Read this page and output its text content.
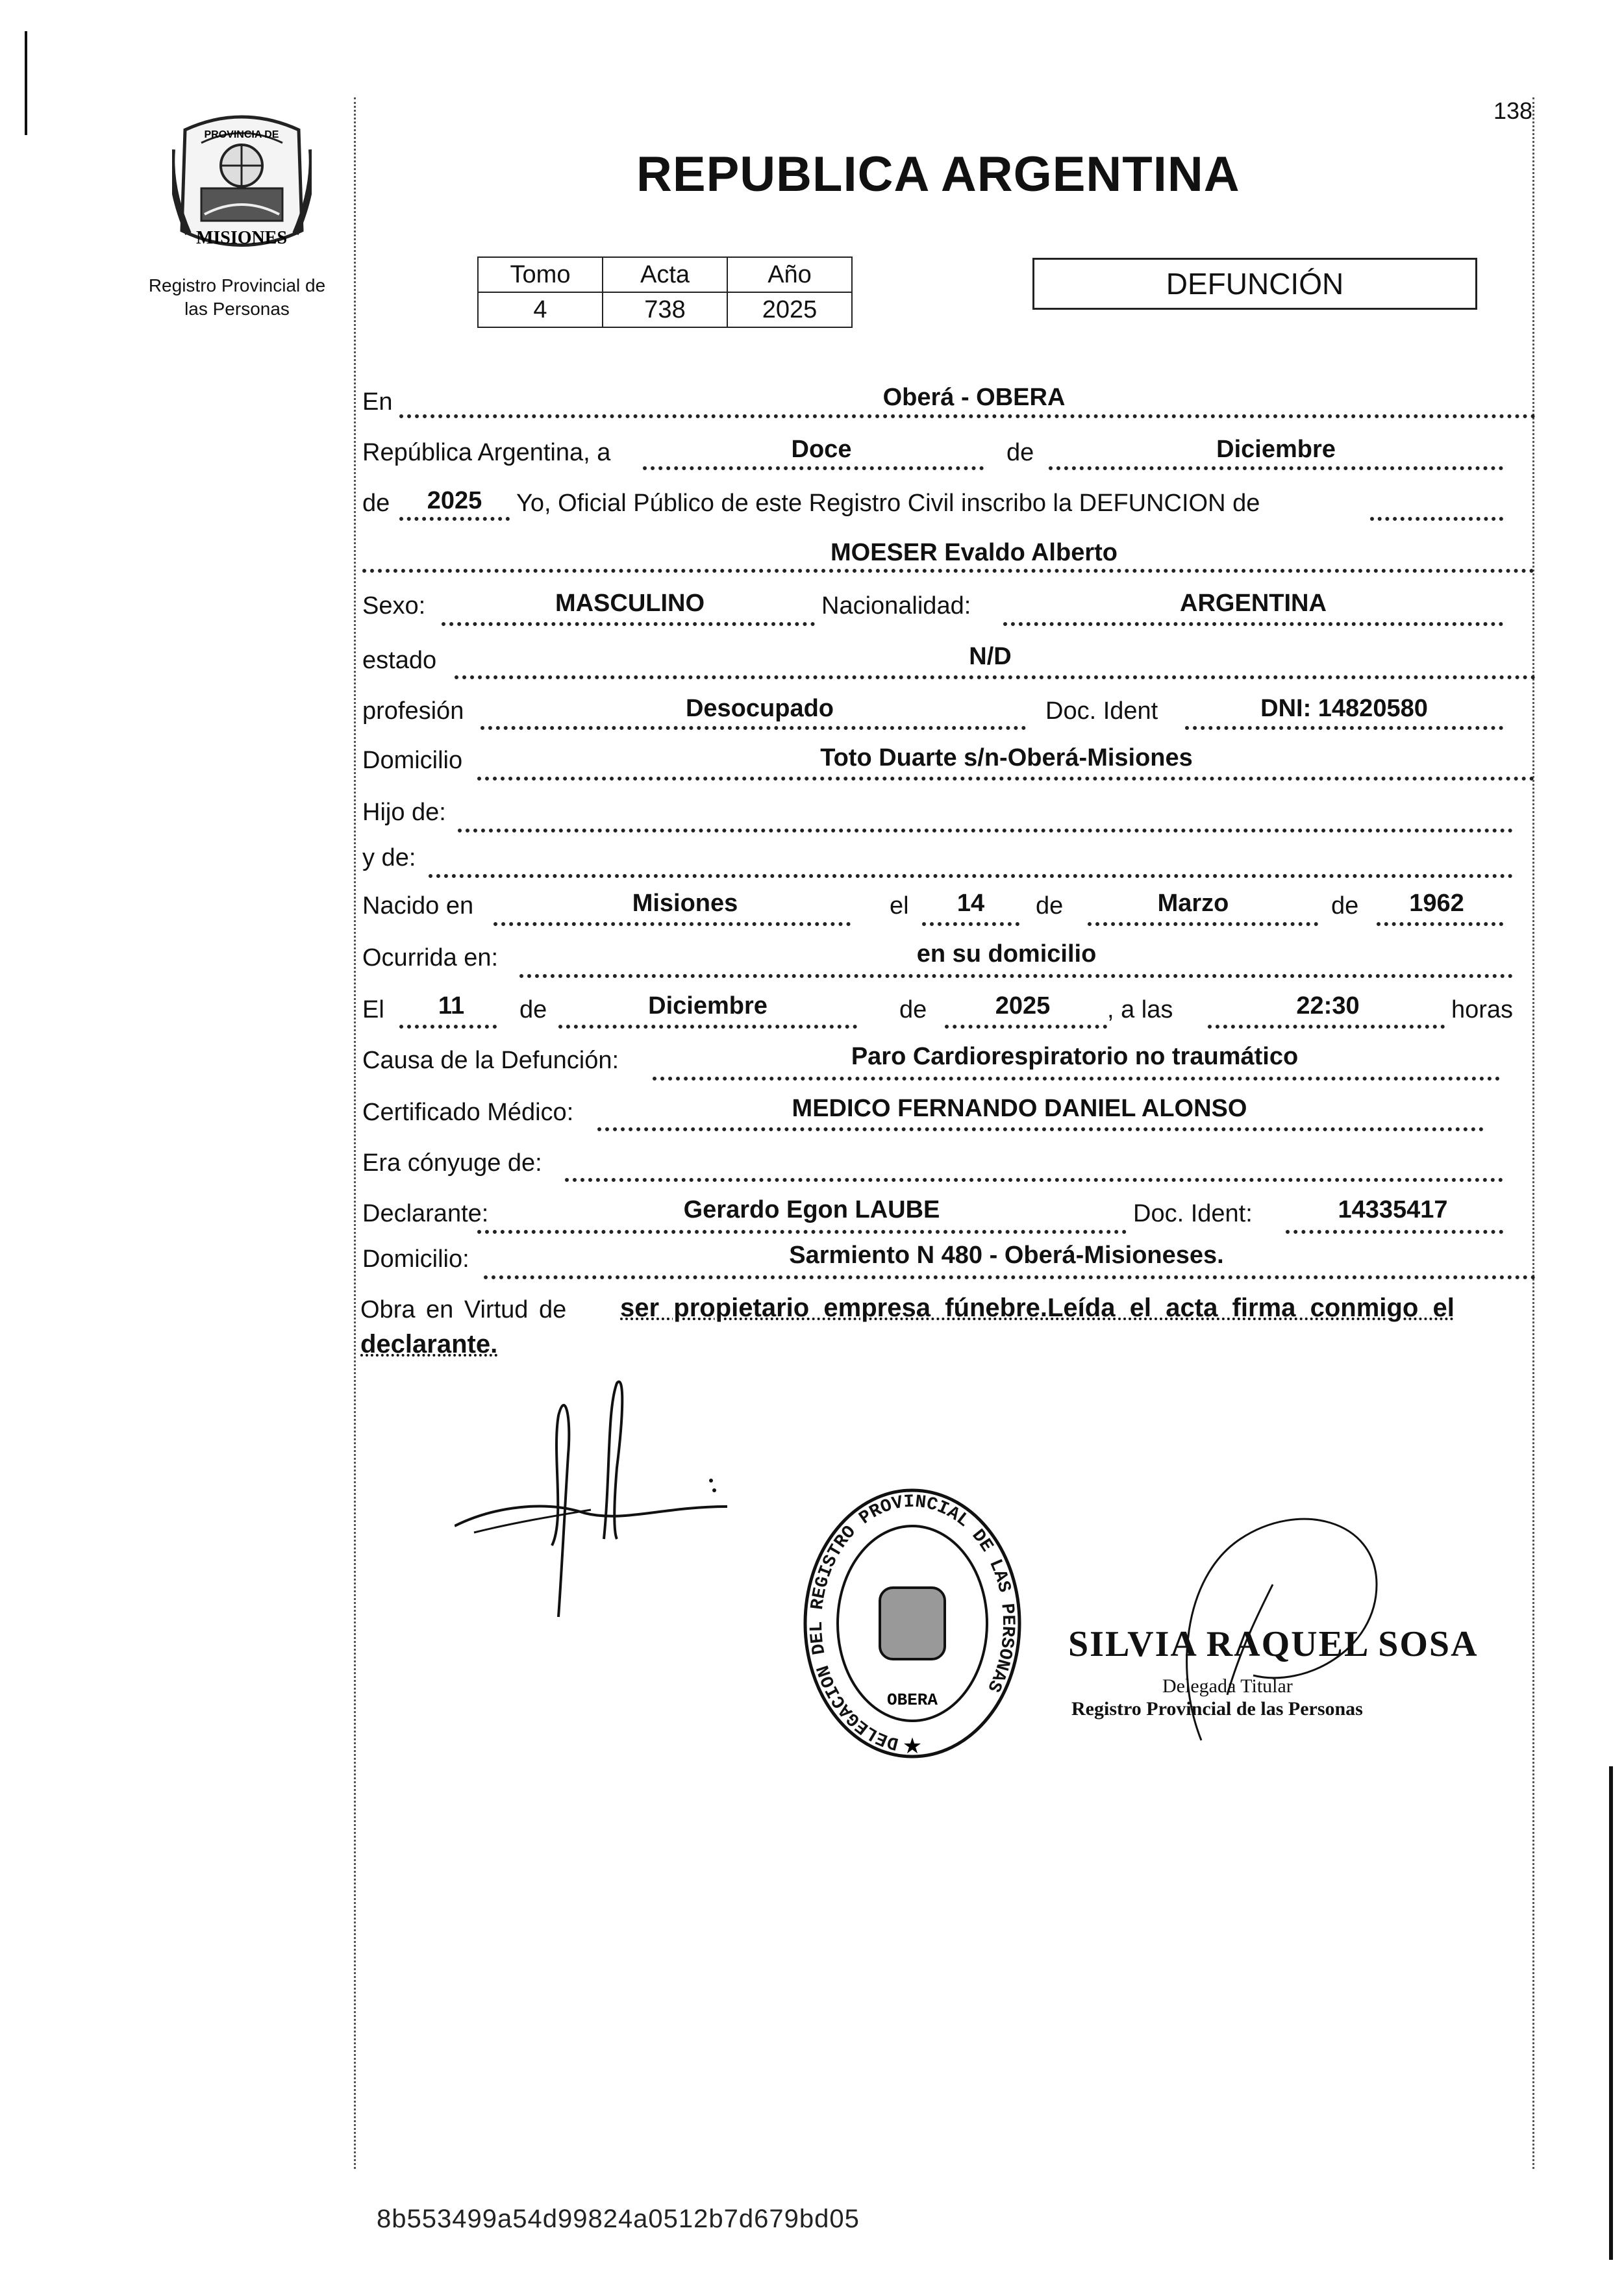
138
MISIONES
PROVINCIA DE
Registro Provincial de
las Personas
REPUBLICA ARGENTINA
Tomo	Acta	Año
4	738	2025
DEFUNCIÓN
En	Oberá - OBERA
República Argentina, a	Doce	de	Diciembre
de	2025	Yo, Oficial Público de este Registro Civil inscribo la DEFUNCION de
MOESER Evaldo Alberto
Sexo:	MASCULINO	Nacionalidad:	ARGENTINA
estado	N/D
profesión	Desocupado	Doc. Ident	DNI: 14820580
Domicilio	Toto Duarte s/n-Oberá-Misiones
Hijo de:
y de:
Nacido en	Misiones	el	14	de	Marzo	de	1962
Ocurrida en:	en su domicilio
El	11	de	Diciembre	de	2025	, a las	22:30	horas
Causa de la Defunción:	Paro Cardiorespiratorio no traumático
Certificado Médico:	MEDICO FERNANDO DANIEL ALONSO
Era cónyuge de:
Declarante:	Gerardo Egon LAUBE	Doc. Ident:	14335417
Domicilio:	Sarmiento N 480 - Oberá-Misioneses.
Obra en Virtud de ser  propietario  empresa  fúnebre.Leída  el  acta  firma  conmigo  el
declarante.
DELEGACION DEL REGISTRO PROVINCIAL DE LAS PERSONAS
OBERA
★
SILVIA RAQUEL SOSA
Delegada Titular
Registro Provincial de las Personas
8b553499a54d99824a0512b7d679bd05
